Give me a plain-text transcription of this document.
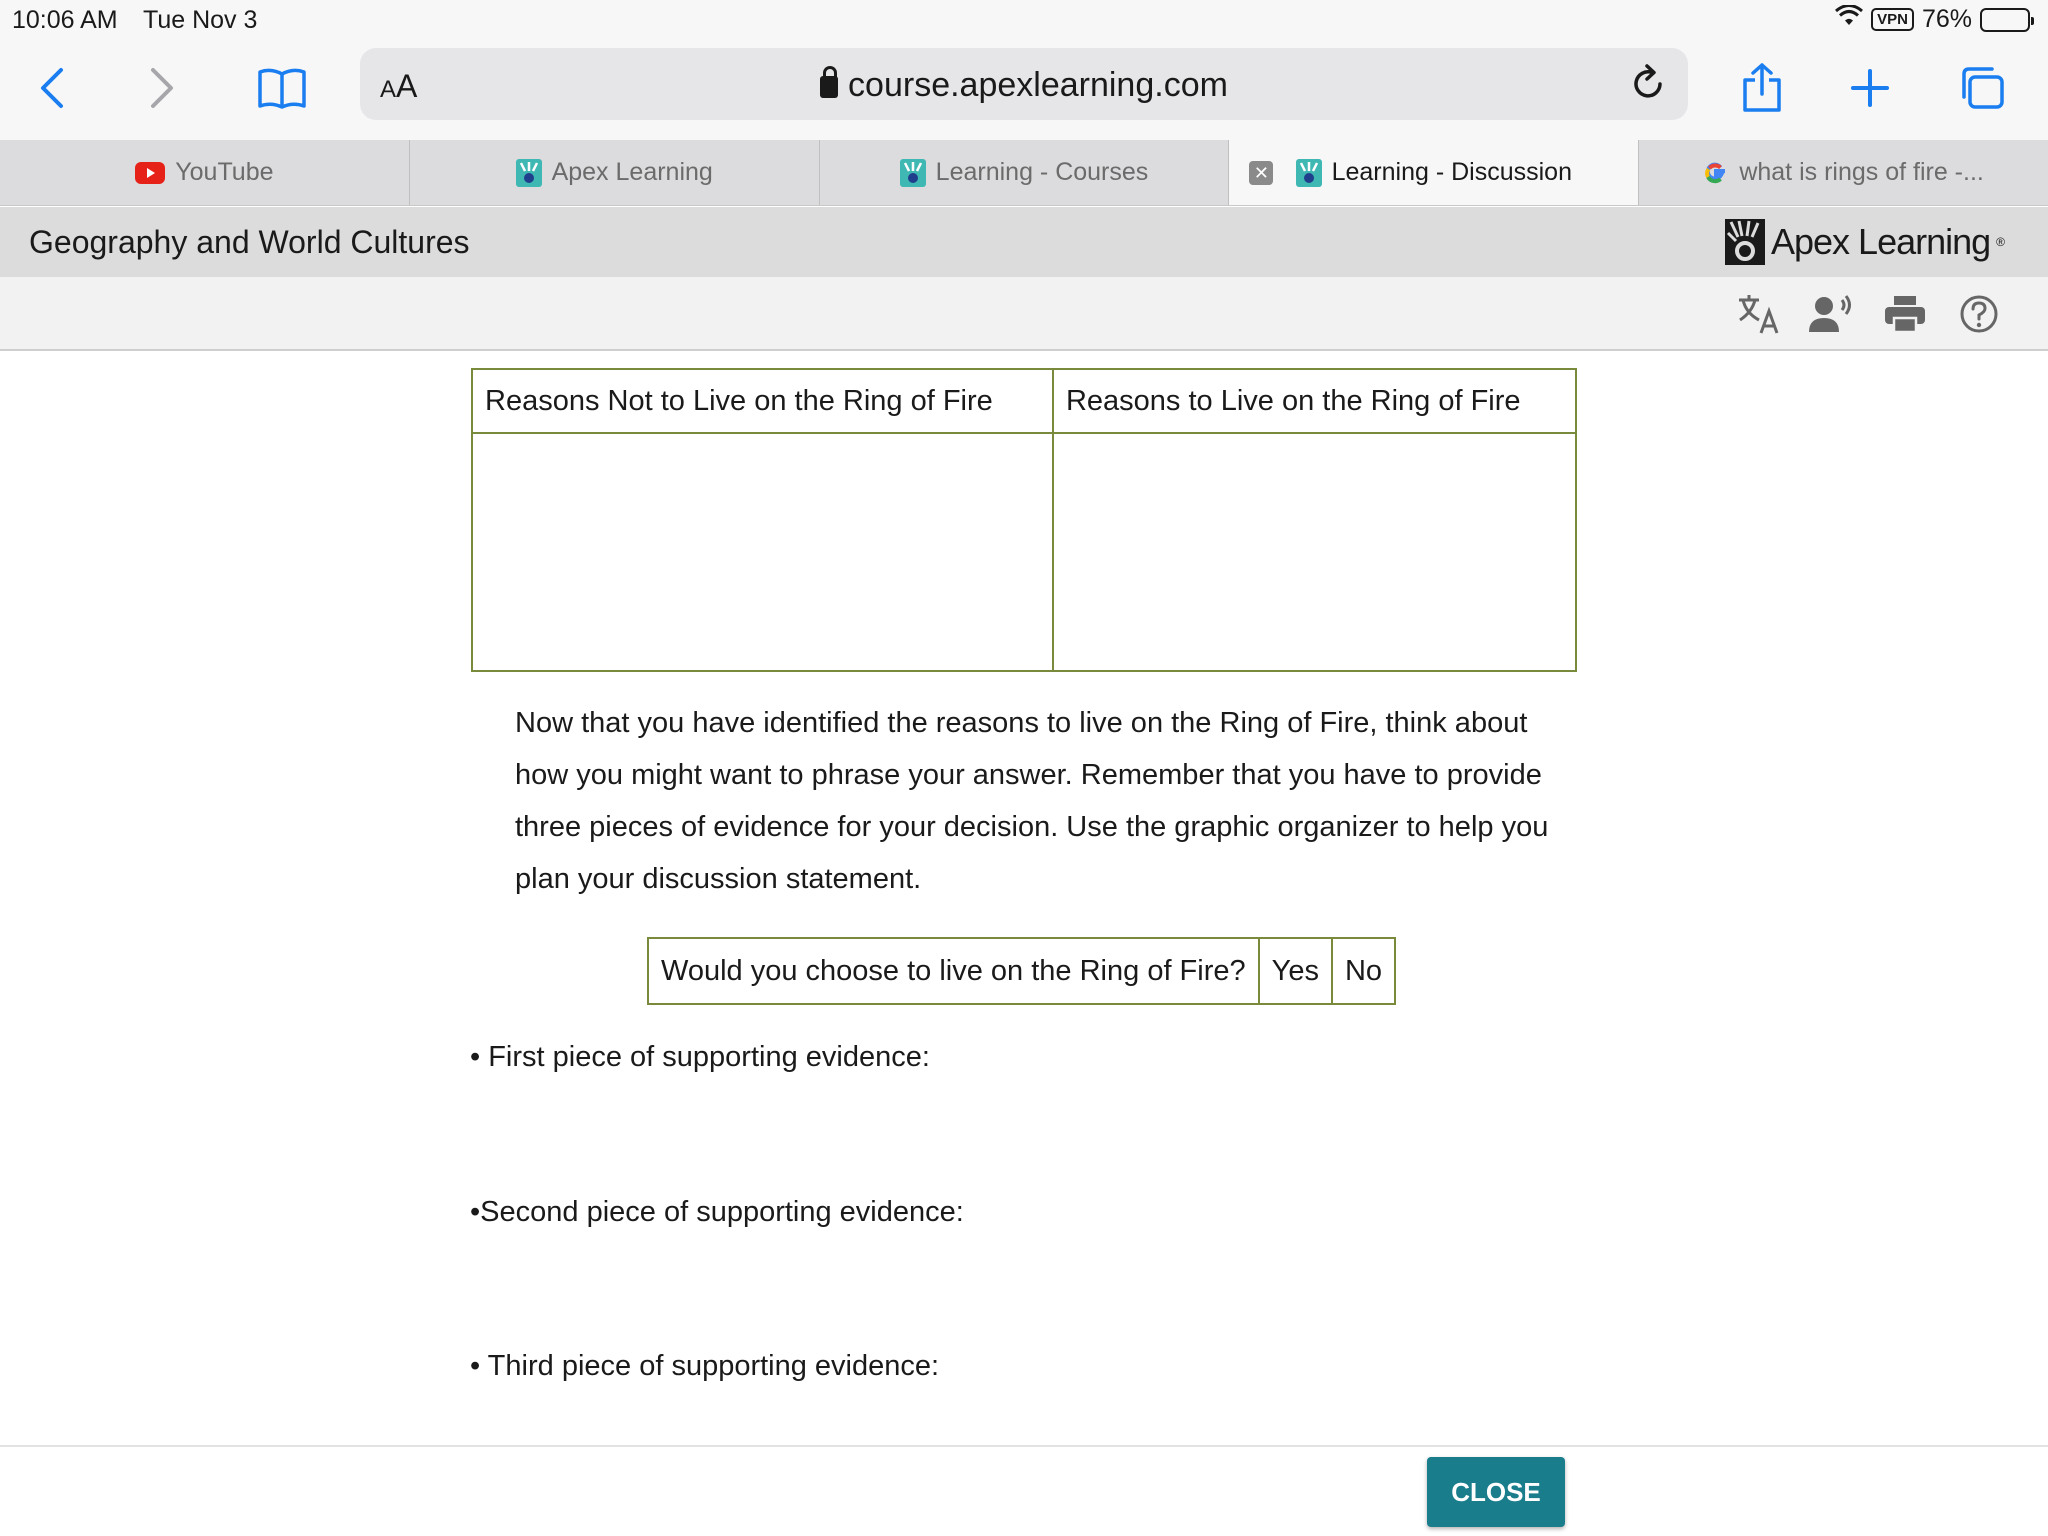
10:06 AM Tue Nov 3	VPN 76%
AA	course.apexlearning.com
YouTube	Apex Learning	Learning - Courses	✕	Learning - Discussion	what is rings of fire -...
Geography and World Cultures	Apex Learning ®
Reasons Not to Live on the Ring of Fire	Reasons to Live on the Ring of Fire

Now that you have identified the reasons to live on the Ring of Fire, think about how you might want to phrase your answer. Remember that you have to provide three pieces of evidence for your decision. Use the graphic organizer to help you plan your discussion statement.

Would you choose to live on the Ring of Fire?	Yes	No

• First piece of supporting evidence:

•Second piece of supporting evidence:

• Third piece of supporting evidence:

CLOSE
